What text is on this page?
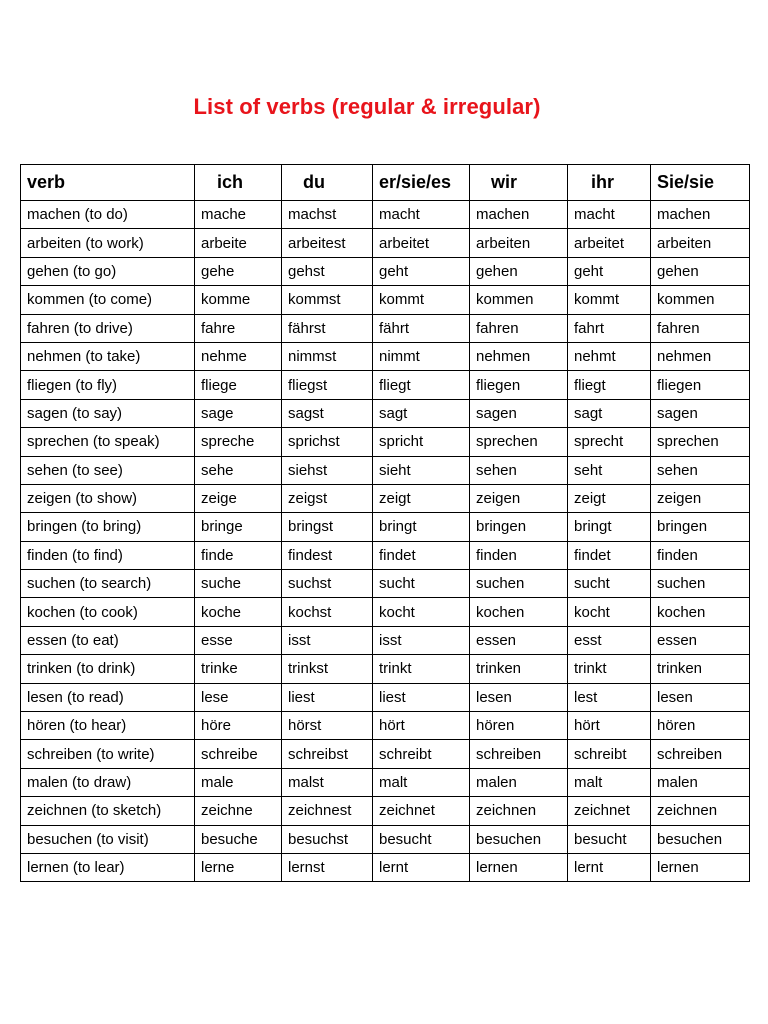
List of verbs (regular & irregular)
verb	ich	du	er/sie/es	wir	ihr	Sie/sie
machen (to do)	mache	machst	macht	machen	macht	machen
arbeiten (to work)	arbeite	arbeitest	arbeitet	arbeiten	arbeitet	arbeiten
gehen (to go)	gehe	gehst	geht	gehen	geht	gehen
kommen (to come)	komme	kommst	kommt	kommen	kommt	kommen
fahren (to drive)	fahre	fährst	fährt	fahren	fahrt	fahren
nehmen (to take)	nehme	nimmst	nimmt	nehmen	nehmt	nehmen
fliegen (to fly)	fliege	fliegst	fliegt	fliegen	fliegt	fliegen
sagen (to say)	sage	sagst	sagt	sagen	sagt	sagen
sprechen (to speak)	spreche	sprichst	spricht	sprechen	sprecht	sprechen
sehen (to see)	sehe	siehst	sieht	sehen	seht	sehen
zeigen (to show)	zeige	zeigst	zeigt	zeigen	zeigt	zeigen
bringen (to bring)	bringe	bringst	bringt	bringen	bringt	bringen
finden (to find)	finde	findest	findet	finden	findet	finden
suchen (to search)	suche	suchst	sucht	suchen	sucht	suchen
kochen (to cook)	koche	kochst	kocht	kochen	kocht	kochen
essen (to eat)	esse	isst	isst	essen	esst	essen
trinken (to drink)	trinke	trinkst	trinkt	trinken	trinkt	trinken
lesen (to read)	lese	liest	liest	lesen	lest	lesen
hören (to hear)	höre	hörst	hört	hören	hört	hören
schreiben (to write)	schreibe	schreibst	schreibt	schreiben	schreibt	schreiben
malen (to draw)	male	malst	malt	malen	malt	malen
zeichnen (to sketch)	zeichne	zeichnest	zeichnet	zeichnen	zeichnet	zeichnen
besuchen (to visit)	besuche	besuchst	besucht	besuchen	besucht	besuchen
lernen (to lear)	lerne	lernst	lernt	lernen	lernt	lernen
